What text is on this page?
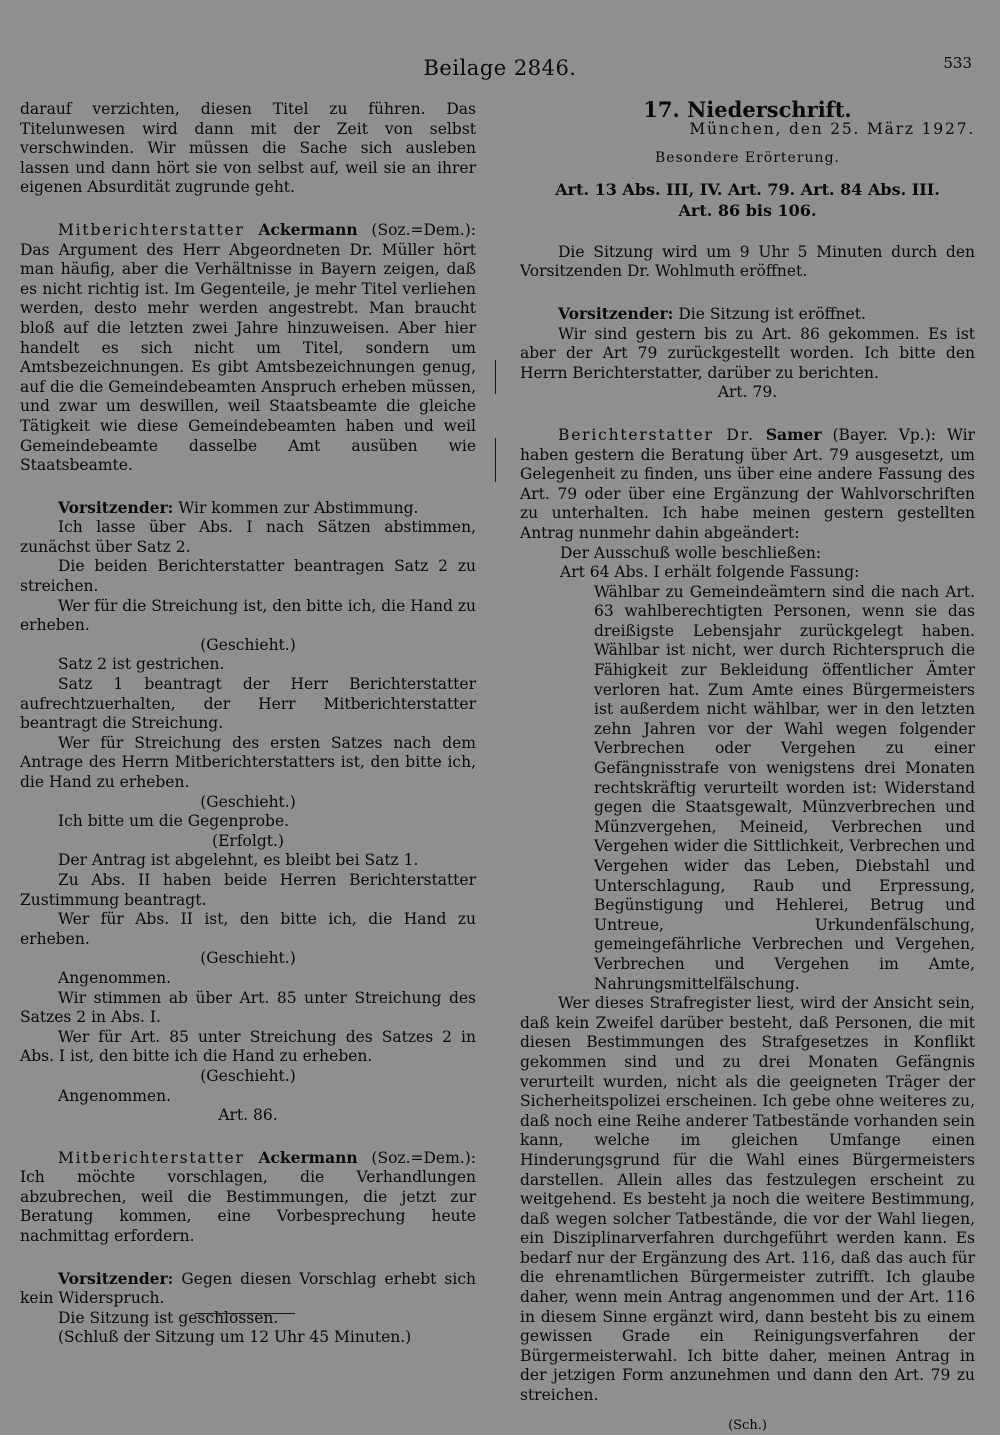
Beilage 2846.	533

darauf verzichten, diesen Titel zu führen. Das Titelunwesen wird dann mit der Zeit von selbst verschwinden. Wir müssen die Sache sich ausleben lassen und dann hört sie von selbst auf, weil sie an ihrer eigenen Absurdität zugrunde geht.

Mitberichterstatter Ackermann (Soz.=Dem.): Das Argument des Herr Abgeordneten Dr. Müller hört man häufig, aber die Verhältnisse in Bayern zeigen, daß es nicht richtig ist. Im Gegenteile, je mehr Titel verliehen werden, desto mehr werden angestrebt. Man braucht bloß auf die letzten zwei Jahre hinzuweisen. Aber hier handelt es sich nicht um Titel, sondern um Amtsbezeichnungen. Es gibt Amtsbezeichnungen genug, auf die die Gemeindebeamten Anspruch erheben müssen, und zwar um deswillen, weil Staatsbeamte die gleiche Tätigkeit wie diese Gemeindebeamten haben und weil Gemeindebeamte dasselbe Amt ausüben wie Staatsbeamte.

Vorsitzender: Wir kommen zur Abstimmung.

Ich lasse über Abs. I nach Sätzen abstimmen, zunächst über Satz 2.

Die beiden Berichterstatter beantragen Satz 2 zu streichen.

Wer für die Streichung ist, den bitte ich, die Hand zu erheben.

(Geschieht.)

Satz 2 ist gestrichen.

Satz 1 beantragt der Herr Berichterstatter aufrechtzuerhalten, der Herr Mitberichterstatter beantragt die Streichung.

Wer für Streichung des ersten Satzes nach dem Antrage des Herrn Mitberichterstatters ist, den bitte ich, die Hand zu erheben.

(Geschieht.)

Ich bitte um die Gegenprobe.

(Erfolgt.)

Der Antrag ist abgelehnt, es bleibt bei Satz 1.

Zu Abs. II haben beide Herren Berichterstatter Zustimmung beantragt.

Wer für Abs. II ist, den bitte ich, die Hand zu erheben.

(Geschieht.)

Angenommen.

Wir stimmen ab über Art. 85 unter Streichung des Satzes 2 in Abs. I.

Wer für Art. 85 unter Streichung des Satzes 2 in Abs. I ist, den bitte ich die Hand zu erheben.

(Geschieht.)

Angenommen.

Art. 86.

Mitberichterstatter Ackermann (Soz.=Dem.): Ich möchte vorschlagen, die Verhandlungen abzubrechen, weil die Bestimmungen, die jetzt zur Beratung kommen, eine Vorbesprechung heute nachmittag erfordern.

Vorsitzender: Gegen diesen Vorschlag erhebt sich kein Widerspruch.

Die Sitzung ist geschlossen.

(Schluß der Sitzung um 12 Uhr 45 Minuten.)

17. Niederschrift.

München, den 25. März 1927.

Besondere Erörterung.

Art. 13 Abs. III, IV. Art. 79. Art. 84 Abs. III.

Art. 86 bis 106.

Die Sitzung wird um 9 Uhr 5 Minuten durch den Vorsitzenden Dr. Wohlmuth eröffnet.

Vorsitzender: Die Sitzung ist eröffnet.

Wir sind gestern bis zu Art. 86 gekommen. Es ist aber der Art 79 zurückgestellt worden. Ich bitte den Herrn Berichterstatter, darüber zu berichten.

Art. 79.

Berichterstatter Dr. Samer (Bayer. Vp.): Wir haben gestern die Beratung über Art. 79 ausgesetzt, um Gelegenheit zu finden, uns über eine andere Fassung des Art. 79 oder über eine Ergänzung der Wahlvorschriften zu unterhalten. Ich habe meinen gestern gestellten Antrag nunmehr dahin abgeändert:

Der Ausschuß wolle beschließen:

Art 64 Abs. I erhält folgende Fassung:

Wählbar zu Gemeindeämtern sind die nach Art. 63 wahlberechtigten Personen, wenn sie das dreißigste Lebensjahr zurückgelegt haben. Wählbar ist nicht, wer durch Richterspruch die Fähigkeit zur Bekleidung öffentlicher Ämter verloren hat. Zum Amte eines Bürgermeisters ist außerdem nicht wählbar, wer in den letzten zehn Jahren vor der Wahl wegen folgender Verbrechen oder Vergehen zu einer Gefängnisstrafe von wenigstens drei Monaten rechtskräftig verurteilt worden ist: Widerstand gegen die Staatsgewalt, Münzverbrechen und Münzvergehen, Meineid, Verbrechen und Vergehen wider die Sittlichkeit, Verbrechen und Vergehen wider das Leben, Diebstahl und Unterschlagung, Raub und Erpressung, Begünstigung und Hehlerei, Betrug und Untreue, Urkundenfälschung, gemeingefährliche Verbrechen und Vergehen, Verbrechen und Vergehen im Amte, Nahrungsmittelfälschung.

Wer dieses Strafregister liest, wird der Ansicht sein, daß kein Zweifel darüber besteht, daß Personen, die mit diesen Bestimmungen des Strafgesetzes in Konflikt gekommen sind und zu drei Monaten Gefängnis verurteilt wurden, nicht als die geeigneten Träger der Sicherheitspolizei erscheinen. Ich gebe ohne weiteres zu, daß noch eine Reihe anderer Tatbestände vorhanden sein kann, welche im gleichen Umfange einen Hinderungsgrund für die Wahl eines Bürgermeisters darstellen. Allein alles das festzulegen erscheint zu weitgehend. Es besteht ja noch die weitere Bestimmung, daß wegen solcher Tatbestände, die vor der Wahl liegen, ein Disziplinarverfahren durchgeführt werden kann. Es bedarf nur der Ergänzung des Art. 116, daß das auch für die ehrenamtlichen Bürgermeister zutrifft. Ich glaube daher, wenn mein Antrag angenommen und der Art. 116 in diesem Sinne ergänzt wird, dann besteht bis zu einem gewissen Grade ein Reinigungsverfahren der Bürgermeisterwahl. Ich bitte daher, meinen Antrag in der jetzigen Form anzunehmen und dann den Art. 79 zu streichen.

(Sch.)
